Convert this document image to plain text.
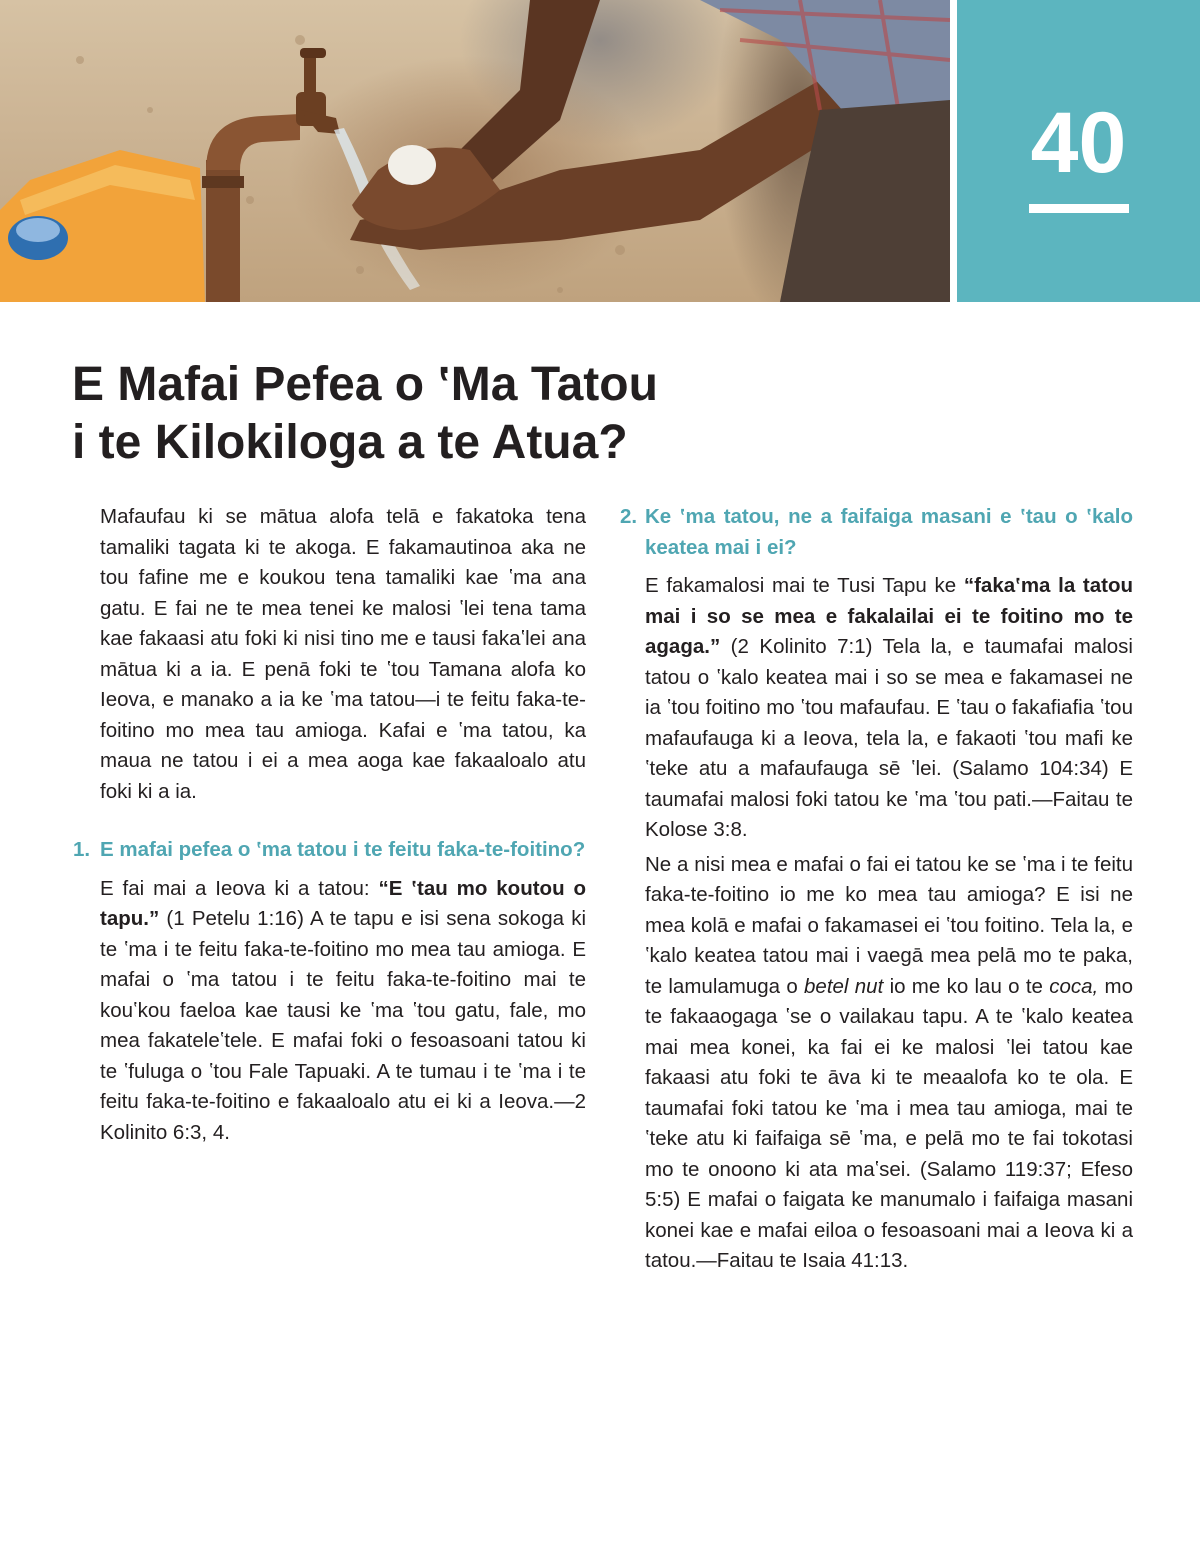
40
E Mafai Pefea o ʽMa Tatou
i te Kilokiloga a te Atua?

Mafaufau ki se mātua alofa telā e fakatoka tena tamaliki tagata ki te akoga. E fakamautinoa aka ne tou fafine me e koukou tena tamaliki kae ʽma ana gatu. E fai ne te mea tenei ke malosi ʽlei tena tama kae fakaasi atu foki ki nisi tino me e tausi fakaʽlei ana mātua ki a ia. E penā foki te ʽtou Tamana alofa ko Ieova, e manako a ia ke ʽma tatou—i te feitu faka-te-foitino mo mea tau amioga. Kafai e ʽma tatou, ka maua ne tatou i ei a mea aoga kae fakaaloalo atu foki ki a ia.

1. E mafai pefea o ʽma tatou i te feitu faka-te-foitino?

E fai mai a Ieova ki a tatou: “E ʽtau mo koutou o tapu.” (1 Petelu 1:16) A te tapu e isi sena sokoga ki te ʽma i te feitu faka-te-foitino mo mea tau amioga. E mafai o ʽma tatou i te feitu faka-te-foitino mai te kouʽkou faeloa kae tausi ke ʽma ʽtou gatu, fale, mo mea fakateleʽtele. E mafai foki o fesoasoani tatou ki te ʽfuluga o ʽtou Fale Tapuaki. A te tumau i te ʽma i te feitu faka-te-foitino e fakaaloalo atu ei ki a Ieova.—2 Kolinito 6:3, 4.

2. Ke ʽma tatou, ne a faifaiga masani e ʽtau o ʽkalo keatea mai i ei?

E fakamalosi mai te Tusi Tapu ke “fakaʽma la tatou mai i so se mea e fakalailai ei te foitino mo te agaga.” (2 Kolinito 7:1) Tela la, e taumafai malosi tatou o ʽkalo keatea mai i so se mea e fakamasei ne ia ʽtou foitino mo ʽtou mafaufau. E ʽtau o fakafiafia ʽtou mafaufauga ki a Ieova, tela la, e fakaoti ʽtou mafi ke ʽteke atu a mafaufauga sē ʽlei. (Salamo 104:34) E taumafai malosi foki tatou ke ʽma ʽtou pati.—Faitau te Kolose 3:8.

Ne a nisi mea e mafai o fai ei tatou ke se ʽma i te feitu faka-te-foitino io me ko mea tau amioga? E isi ne mea kolā e mafai o fakamasei ei ʽtou foitino. Tela la, e ʽkalo keatea tatou mai i vaegā mea pelā mo te paka, te lamulamuga o betel nut io me ko lau o te coca, mo te fakaaogaga ʽse o vailakau tapu. A te ʽkalo keatea mai mea konei, ka fai ei ke malosi ʽlei tatou kae fakaasi atu foki te āva ki te meaalofa ko te ola. E taumafai foki tatou ke ʽma i mea tau amioga, mai te ʽteke atu ki faifaiga sē ʽma, e pelā mo te fai tokotasi mo te onoono ki ata maʽsei. (Salamo 119:37; Efeso 5:5) E mafai o faigata ke manumalo i faifaiga masani konei kae e mafai eiloa o fesoasoani mai a Ieova ki a tatou.—Faitau te Isaia 41:13.
